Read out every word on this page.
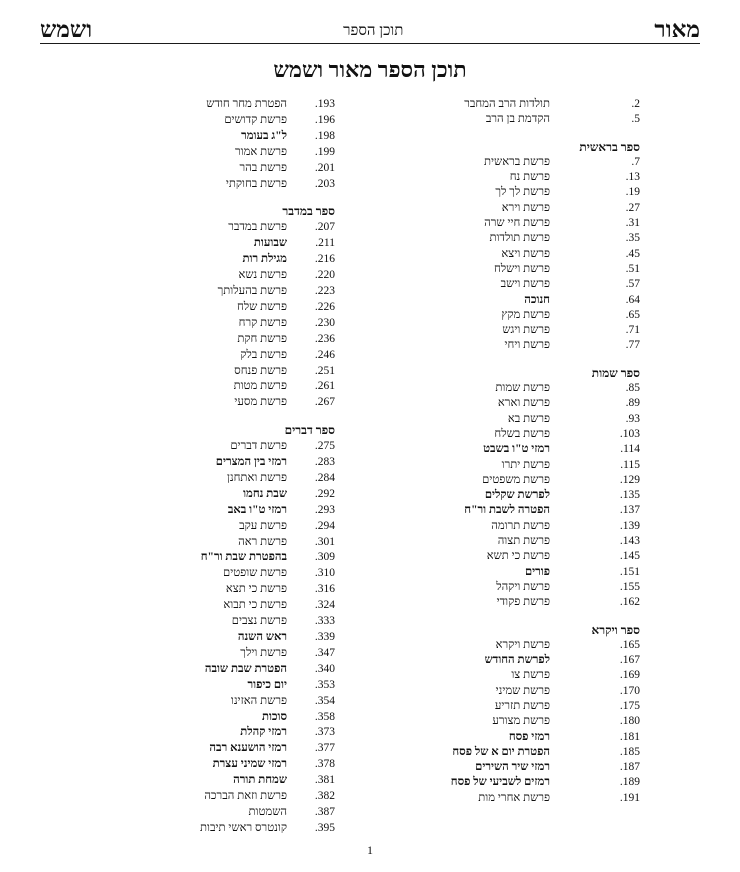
מאור
תוכן הספר
ושמש
תוכן הספר מאור ושמש
הפטרת מחר חודש	193.
פרשת קדושים	196.
ל"ג בעומר	198.
פרשת אמור	199.
פרשת בהר	201.
פרשת בחוקתי	203.
ספר במדבר
פרשת במדבר	207.
שבועות	211.
מגילת רות	216.
פרשת נשא	220.
פרשת בהעלותך	223.
פרשת שלח	226.
פרשת קרח	230.
פרשת חקת	236.
פרשת בלק	246.
פרשת פנחס	251.
פרשת מטות	261.
פרשת מסעי	267.
ספר דברים
פרשת דברים	275.
רמזי בין המצרים	283.
פרשת ואתחנן	284.
שבת נחמו	292.
רמזי ט"ו באב	293.
פרשת עקב	294.
פרשת ראה	301.
בהפטרת שבת ור"ח	309.
פרשת שופטים	310.
פרשת כי תצא	316.
פרשת כי תבוא	324.
פרשת נצבים	333.
ראש השנה	339.
פרשת וילך	347.
הפטרת שבת שובה	340.
יום כיפור	353.
פרשת האזינו	354.
סוכות	358.
רמזי קהלת	373.
רמזי הושענא רבה	377.
רמזי שמיני עצרת	378.
שמחת תורה	381.
פרשת וזאת הברכה	382.
השמטות	387.
קונטרס ראשי תיבות	395.
תולדות הרב המחבר	2.
הקדמת בן הרב	5.
ספר בראשית
פרשת בראשית	7.
פרשת נח	13.
פרשת לך לך	19.
פרשת וירא	27.
פרשת חיי שרה	31.
פרשת תולדות	35.
פרשת ויצא	45.
פרשת וישלח	51.
פרשת וישב	57.
חנוכה	64.
פרשת מקץ	65.
פרשת ויגש	71.
פרשת ויחי	77.
ספר שמות
פרשת שמות	85.
פרשת וארא	89.
פרשת בא	93.
פרשת בשלח	103.
רמזי ט"ו בשבט	114.
פרשת יתרו	115.
פרשת משפטים	129.
לפרשת שקלים	135.
הפטרה לשבת ור"ח	137.
פרשת תרומה	139.
פרשת תצוה	143.
פרשת כי תשא	145.
פורים	151.
פרשת ויקהל	155.
פרשת פקודי	162.
ספר ויקרא
פרשת ויקרא	165.
לפרשת החודש	167.
פרשת צו	169.
פרשת שמיני	170.
פרשת תזריע	175.
פרשת מצורע	180.
רמזי פסח	181.
הפטרת יום א של פסח	185.
רמזי שיר השירים	187.
רמזים לשביעי של פסח	189.
פרשת אחרי מות	191.
1
